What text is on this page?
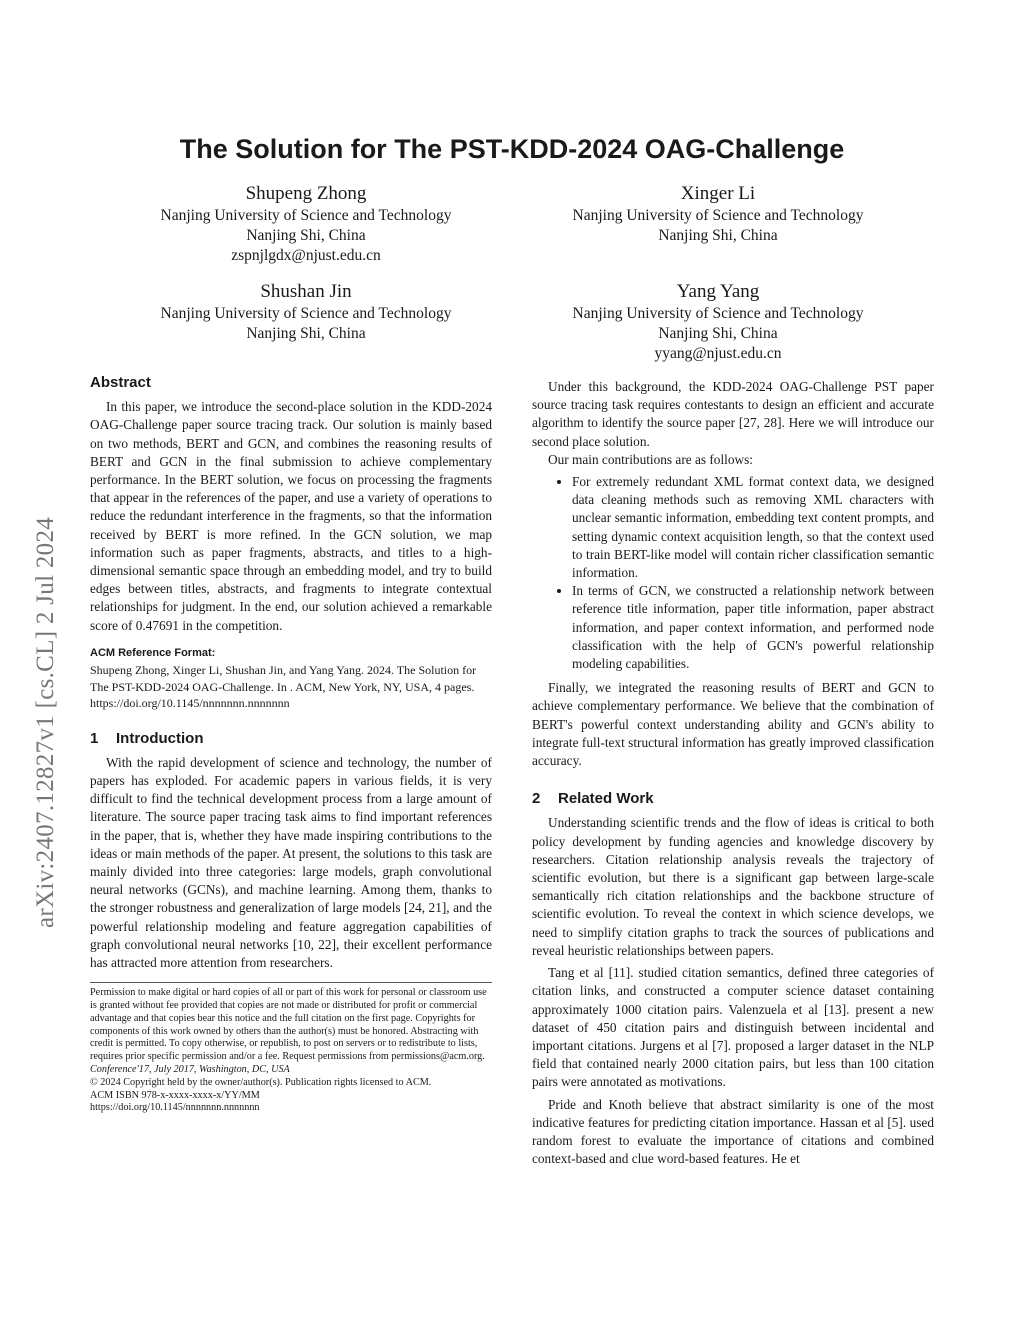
arXiv:2407.12827v1 [cs.CL] 2 Jul 2024
The Solution for The PST-KDD-2024 OAG-Challenge
Shupeng Zhong
Nanjing University of Science and Technology
Nanjing Shi, China
zspnjlgdx@njust.edu.cn
Xinger Li
Nanjing University of Science and Technology
Nanjing Shi, China
Shushan Jin
Nanjing University of Science and Technology
Nanjing Shi, China
Yang Yang
Nanjing University of Science and Technology
Nanjing Shi, China
yyang@njust.edu.cn
Abstract

In this paper, we introduce the second-place solution in the KDD-2024 OAG-Challenge paper source tracing track. Our solution is mainly based on two methods, BERT and GCN, and combines the reasoning results of BERT and GCN in the final submission to achieve complementary performance. In the BERT solution, we focus on processing the fragments that appear in the references of the paper, and use a variety of operations to reduce the redundant interference in the fragments, so that the information received by BERT is more refined. In the GCN solution, we map information such as paper fragments, abstracts, and titles to a high-dimensional semantic space through an embedding model, and try to build edges between titles, abstracts, and fragments to integrate contextual relationships for judgment. In the end, our solution achieved a remarkable score of 0.47691 in the competition.

ACM Reference Format:

Shupeng Zhong, Xinger Li, Shushan Jin, and Yang Yang. 2024. The Solution for The PST-KDD-2024 OAG-Challenge. In . ACM, New York, NY, USA, 4 pages. https://doi.org/10.1145/nnnnnnn.nnnnnnn

1 Introduction

With the rapid development of science and technology, the number of papers has exploded. For academic papers in various fields, it is very difficult to find the technical development process from a large amount of literature. The source paper tracing task aims to find important references in the paper, that is, whether they have made inspiring contributions to the ideas or main methods of the paper. At present, the solutions to this task are mainly divided into three categories: large models, graph convolutional neural networks (GCNs), and machine learning. Among them, thanks to the stronger robustness and generalization of large models [24, 21], and the powerful relationship modeling and feature aggregation capabilities of graph convolutional neural networks [10, 22], their excellent performance has attracted more attention from researchers.

Permission to make digital or hard copies of all or part of this work for personal or classroom use is granted without fee provided that copies are not made or distributed for profit or commercial advantage and that copies bear this notice and the full citation on the first page. Copyrights for components of this work owned by others than the author(s) must be honored. Abstracting with credit is permitted. To copy otherwise, or republish, to post on servers or to redistribute to lists, requires prior specific permission and/or a fee. Request permissions from permissions@acm.org.

Conference'17, July 2017, Washington, DC, USA

© 2024 Copyright held by the owner/author(s). Publication rights licensed to ACM.

ACM ISBN 978-x-xxxx-xxxx-x/YY/MM

https://doi.org/10.1145/nnnnnnn.nnnnnnn

Under this background, the KDD-2024 OAG-Challenge PST paper source tracing task requires contestants to design an efficient and accurate algorithm to identify the source paper [27, 28]. Here we will introduce our second place solution.

Our main contributions are as follows:

• For extremely redundant XML format context data, we designed data cleaning methods such as removing XML characters with unclear semantic information, embedding text content prompts, and setting dynamic context acquisition length, so that the context used to train BERT-like model will contain richer classification semantic information.
• In terms of GCN, we constructed a relationship network between reference title information, paper title information, paper abstract information, and paper context information, and performed node classification with the help of GCN's powerful relationship modeling capabilities.

Finally, we integrated the reasoning results of BERT and GCN to achieve complementary performance. We believe that the combination of BERT's powerful context understanding ability and GCN's ability to integrate full-text structural information has greatly improved classification accuracy.

2 Related Work

Understanding scientific trends and the flow of ideas is critical to both policy development by funding agencies and knowledge discovery by researchers. Citation relationship analysis reveals the trajectory of scientific evolution, but there is a significant gap between large-scale semantically rich citation relationships and the backbone structure of scientific evolution. To reveal the context in which science develops, we need to simplify citation graphs to track the sources of publications and reveal heuristic relationships between papers.

Tang et al [11]. studied citation semantics, defined three categories of citation links, and constructed a computer science dataset containing approximately 1000 citation pairs. Valenzuela et al [13]. present a new dataset of 450 citation pairs and distinguish between incidental and important citations. Jurgens et al [7]. proposed a larger dataset in the NLP field that contained nearly 2000 citation pairs, but less than 100 citation pairs were annotated as motivations.

Pride and Knoth believe that abstract similarity is one of the most indicative features for predicting citation importance. Hassan et al [5]. used random forest to evaluate the importance of citations and combined context-based and clue word-based features. He et
